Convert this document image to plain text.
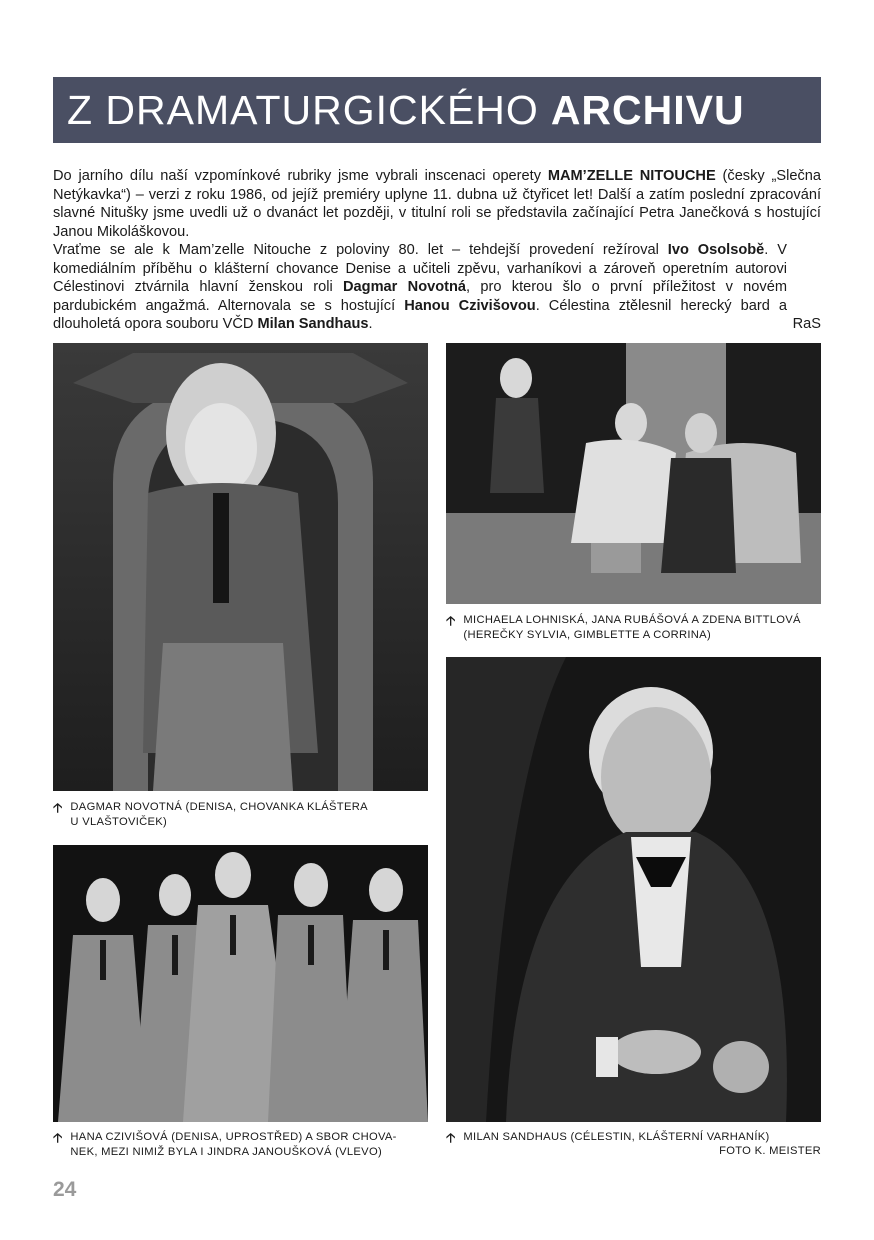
Z DRAMATURGICKÉHO ARCHIVU

Do jarního dílu naší vzpomínkové rubriky jsme vybrali inscenaci operety MAM’ZELLE NITOUCHE (česky „Slečna Netýkavka“) – verzi z roku 1986, od jejíž premiéry uplyne 11. dubna už čtyřicet let! Další a zatím poslední zpracování slavné Nitušky jsme uvedli už o dvanáct let později, v titulní roli se představila začínající Petra Janečková s hostující Janou Mikoláškovou.

Vraťme se ale k Mam’zelle Nitouche z poloviny 80. let – tehdejší provedení režíroval Ivo Osolsobě. V komediálním příběhu o klášterní chovance Denise a učiteli zpěvu, varhaníkovi a zároveň operetním autorovi Célestinovi ztvárnila hlavní ženskou roli Dagmar Novotná, pro kterou šlo o první příležitost v novém pardubickém angažmá. Alternovala se s hostující Hanou Czivišovou. Célestina ztělesnil herecký bard a dlouholetá opora souboru VČD Milan Sandhaus.	RaS
🡡 DAGMAR NOVOTNÁ (DENISA, CHOVANKA KLÁŠTERA
U VLAŠTOVIČEK)
🡡 MICHAELA LOHNISKÁ, JANA RUBÁŠOVÁ A ZDENA BITTLOVÁ
(HEREČKY SYLVIA, GIMBLETTE A CORRINA)
🡡 HANA CZIVIŠOVÁ (DENISA, UPROSTŘED) A SBOR CHOVA-
NEK, MEZI NIMIŽ BYLA I JINDRA JANOUŠKOVÁ (VLEVO)
🡡 MILAN SANDHAUS (CÉLESTIN, KLÁŠTERNÍ VARHANÍK)
FOTO K. MEISTER
24
